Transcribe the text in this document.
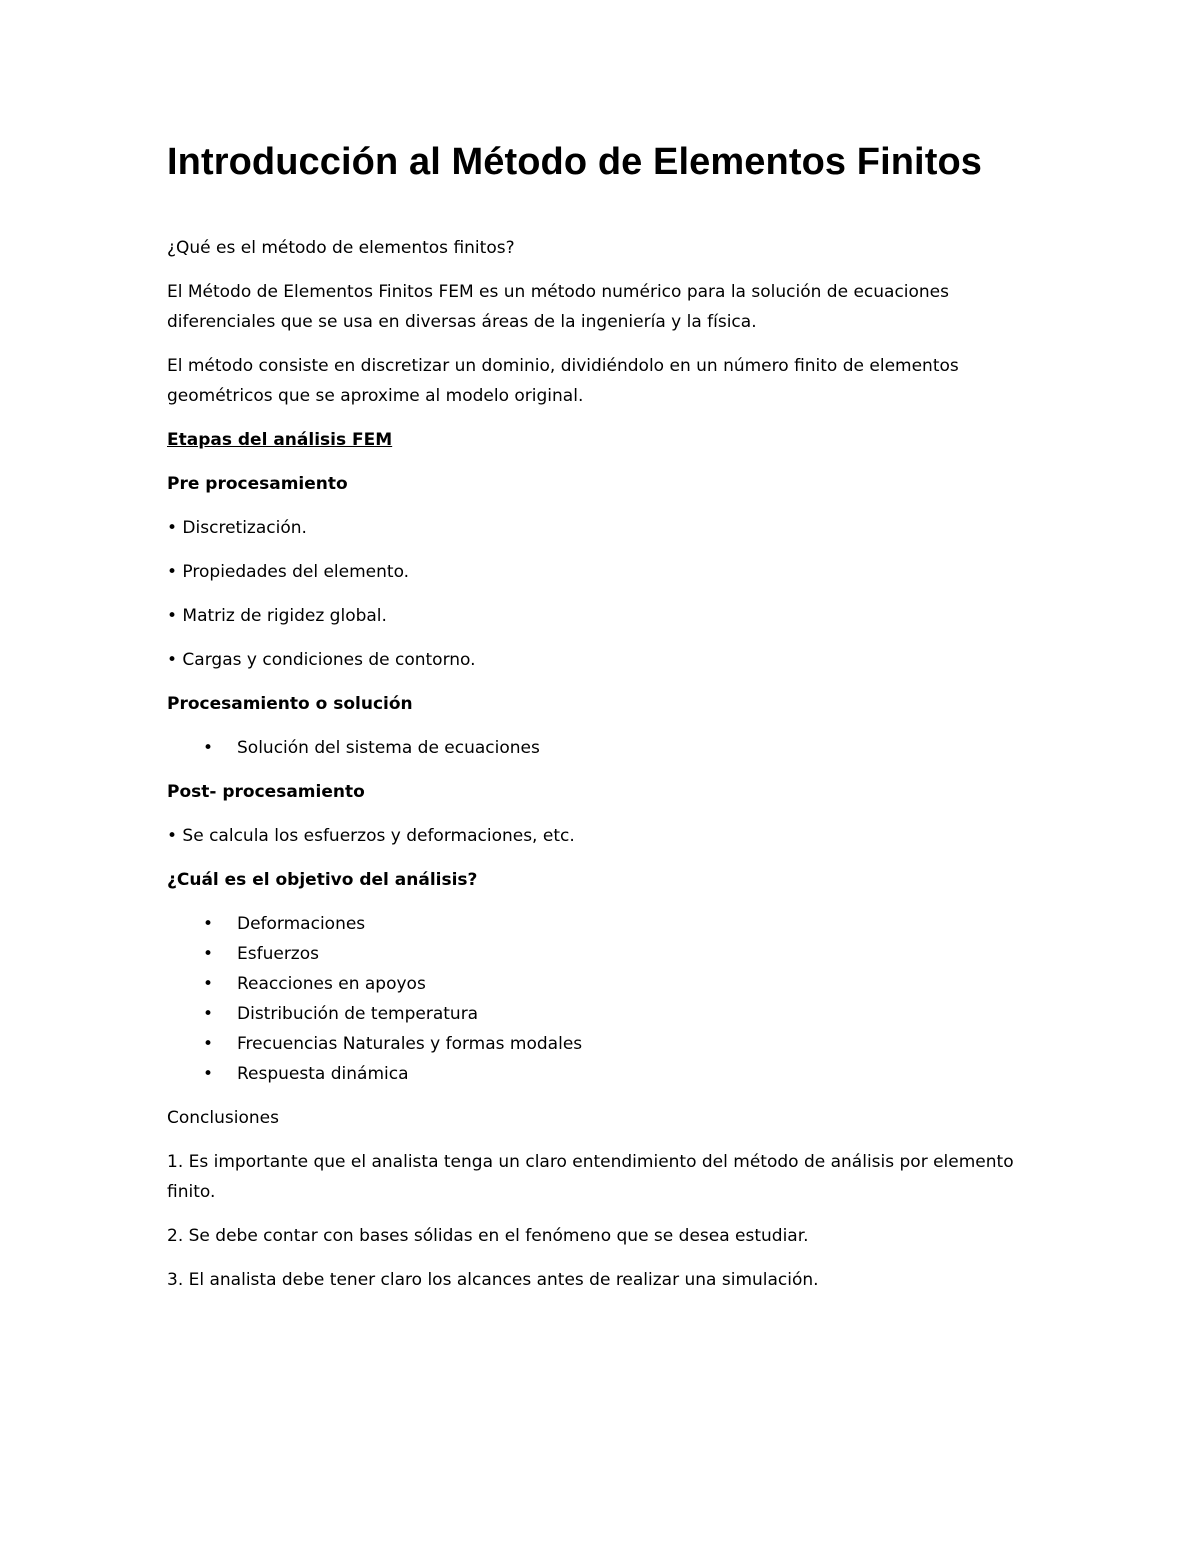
Introducción al Método de Elementos Finitos

¿Qué es el método de elementos finitos?

El Método de Elementos Finitos FEM es un método numérico para la solución de ecuaciones diferenciales que se usa en diversas áreas de la ingeniería y la física.

El método consiste en discretizar un dominio, dividiéndolo en un número finito de elementos geométricos que se aproxime al modelo original.

Etapas del análisis FEM

Pre procesamiento

• Discretización.

• Propiedades del elemento.

• Matriz de rigidez global.

• Cargas y condiciones de contorno.

Procesamiento o solución

•	Solución del sistema de ecuaciones

Post- procesamiento

• Se calcula los esfuerzos y deformaciones, etc.

¿Cuál es el objetivo del análisis?

•	Deformaciones
•	Esfuerzos
•	Reacciones en apoyos
•	Distribución de temperatura
•	Frecuencias Naturales y formas modales
•	Respuesta dinámica

Conclusiones

1. Es importante que el analista tenga un claro entendimiento del método de análisis por elemento finito.

2. Se debe contar con bases sólidas en el fenómeno que se desea estudiar.

3. El analista debe tener claro los alcances antes de realizar una simulación.
